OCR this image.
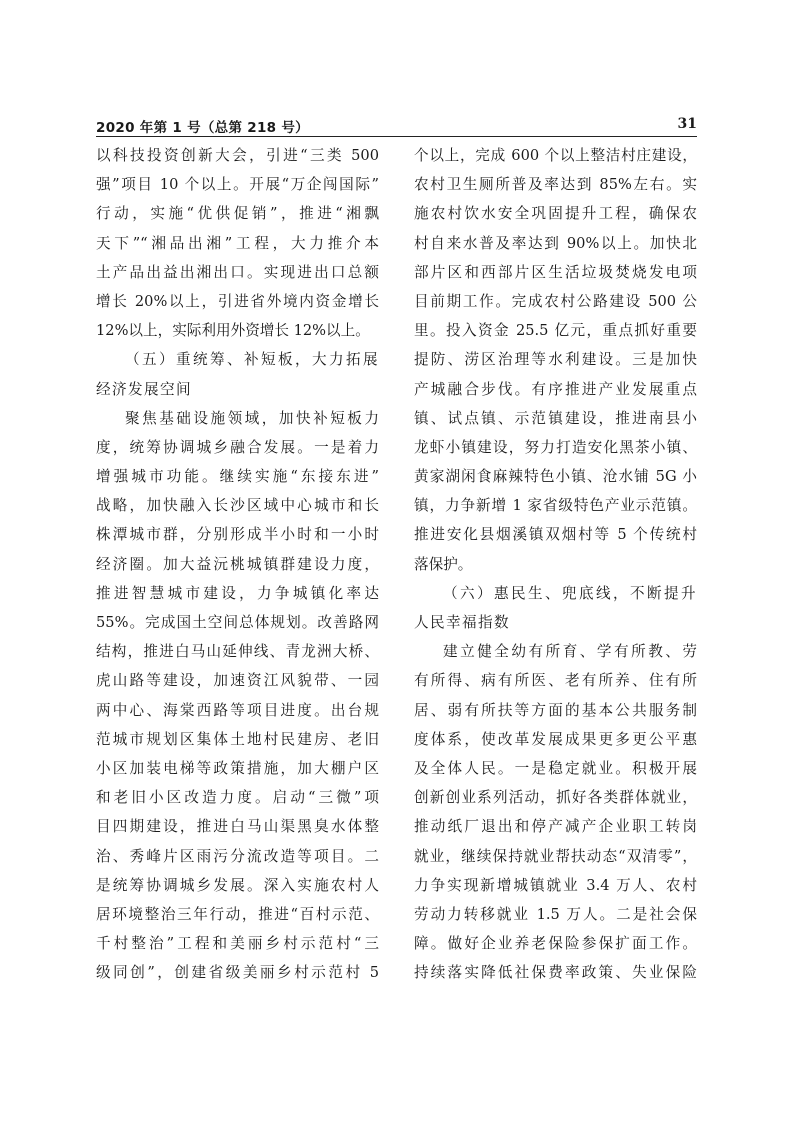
2020 年第 1 号（总第 218 号）	31
以科技投资创新大会，引进“三类 500
强”项目 10 个以上。开展“万企闯国际”
行动，实施“优供促销”，推进“湘飘
天下”“湘品出湘”工程，大力推介本
土产品出益出湘出口。实现进出口总额
增长 20%以上，引进省外境内资金增长
12%以上，实际利用外资增长 12%以上。
（五）重统筹、补短板，大力拓展
经济发展空间
聚焦基础设施领域，加快补短板力
度，统筹协调城乡融合发展。一是着力
增强城市功能。继续实施“东接东进”
战略，加快融入长沙区域中心城市和长
株潭城市群，分别形成半小时和一小时
经济圈。加大益沅桃城镇群建设力度，
推进智慧城市建设，力争城镇化率达
55%。完成国土空间总体规划。改善路网
结构，推进白马山延伸线、青龙洲大桥、
虎山路等建设，加速资江风貌带、一园
两中心、海棠西路等项目进度。出台规
范城市规划区集体土地村民建房、老旧
小区加装电梯等政策措施，加大棚户区
和老旧小区改造力度。启动“三微”项
目四期建设，推进白马山渠黑臭水体整
治、秀峰片区雨污分流改造等项目。二
是统筹协调城乡发展。深入实施农村人
居环境整治三年行动，推进“百村示范、
千村整治”工程和美丽乡村示范村“三
级同创”，创建省级美丽乡村示范村 5
个以上，完成 600 个以上整洁村庄建设，
农村卫生厕所普及率达到 85%左右。实
施农村饮水安全巩固提升工程，确保农
村自来水普及率达到 90%以上。加快北
部片区和西部片区生活垃圾焚烧发电项
目前期工作。完成农村公路建设 500 公
里。投入资金 25.5 亿元，重点抓好重要
提防、涝区治理等水利建设。三是加快
产城融合步伐。有序推进产业发展重点
镇、试点镇、示范镇建设，推进南县小
龙虾小镇建设，努力打造安化黑茶小镇、
黄家湖闲食麻辣特色小镇、沧水铺 5G 小
镇，力争新增 1 家省级特色产业示范镇。
推进安化县烟溪镇双烟村等 5 个传统村
落保护。
（六）惠民生、兜底线，不断提升
人民幸福指数
建立健全幼有所育、学有所教、劳
有所得、病有所医、老有所养、住有所
居、弱有所扶等方面的基本公共服务制
度体系，使改革发展成果更多更公平惠
及全体人民。一是稳定就业。积极开展
创新创业系列活动，抓好各类群体就业，
推动纸厂退出和停产减产企业职工转岗
就业，继续保持就业帮扶动态“双清零”，
力争实现新增城镇就业 3.4 万人、农村
劳动力转移就业 1.5 万人。二是社会保
障。做好企业养老保险参保扩面工作。
持续落实降低社保费率政策、失业保险
